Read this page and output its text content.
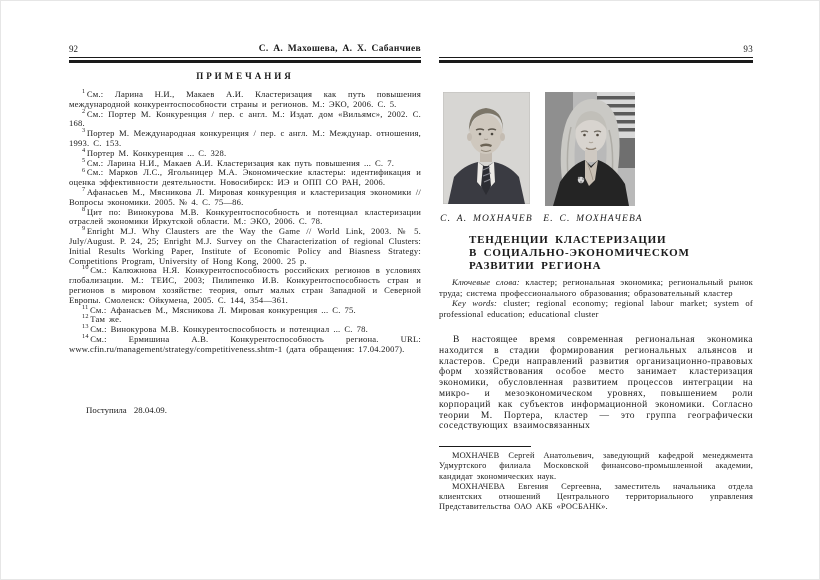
92	С. А. Махошева, А. Х. Сабанчиев
ПРИМЕЧАНИЯ

$^1$ См.: Ларина Н.И., Макаев А.И. Кластеризация как путь повышения международной конкурентоспособности страны и регионов. М.: ЭКО, 2006. С. 5.

$^2$ См.: Портер М. Конкуренция / пер. с англ. М.: Издат. дом «Вильямс», 2002. С. 168.

$^3$ Портер М. Международная конкуренция / пер. с англ. М.: Междунар. отношения, 1993. С. 153.

$^4$ Портер М. Конкуренция ... С. 328.

$^5$ См.: Ларина Н.И., Макаев А.И. Кластеризация как путь повышения ... С. 7.

$^6$ См.: Марков Л.С., Ягольницер М.А. Экономические кластеры: идентификация и оценка эффективности деятельности. Новосибирск: ИЭ и ОПП СО РАН, 2006.

$^7$ Афанасьев М., Мясникова Л. Мировая конкуренция и кластеризация экономики // Вопросы экономики. 2005. № 4. С. 75—86.

$^8$ Цит по: Винокурова М.В. Конкурентоспособность и потенциал кластеризации отраслей экономики Иркутской области. М.: ЭКО, 2006. С. 78.

$^9$ Enright M.J. Why Clausters are the Way the Game // World Link, 2003. № 5. July/August. P. 24, 25; Enright M.J. Survey on the Characterization of regional Clusters: Initial Results Working Paper, Institute of Economic Policy and Biasness Strategy: Competitions Program, University of Hong Kong, 2000. 25 p.

$^{10}$ См.: Калюжнова Н.Я. Конкурентоспособность российских регионов в условиях глобализации. М.: ТЕИС, 2003; Пилипенко И.В. Конкурентоспособность стран и регионов в мировом хозяйстве: теория, опыт малых стран Западной и Северной Европы. Смоленск: Ойкумена, 2005. С. 144, 354—361.

$^{11}$ См.: Афанасьев М., Мясникова Л. Мировая конкуренция ... С. 75.

$^{12}$ Там же.

$^{13}$ См.: Винокурова М.В. Конкурентоспособность и потенциал ... С. 78.

$^{14}$ См.: Ермишина А.В. Конкурентоспособность региона. URL: www.cfin.ru/management/strategy/competitiveness.shtm-1 (дата обращения: 17.04.2007).

Поступила 28.04.09.
93
С. А. МОХНАЧЕВ Е. С. МОХНАЧЕВА
ТЕНДЕНЦИИ КЛАСТЕРИЗАЦИИ
В СОЦИАЛЬНО-ЭКОНОМИЧЕСКОМ
РАЗВИТИИ РЕГИОНА

Ключевые слова: кластер; региональная экономика; региональный рынок труда; система профессионального образования; образовательный кластер

Key words: cluster; regional economy; regional labour market; system of professional education; educational cluster

В настоящее время современная региональная экономика находится в стадии формирования региональных альянсов и кластеров. Среди направлений развития организационно-правовых форм хозяйствования особое место занимает кластеризация экономики, обусловленная развитием процессов интеграции на микро- и мезоэкономическом уровнях, повышением роли корпораций как субъектов информационной экономики. Согласно теории М. Портера, кластер — это группа географически соседствующих взаимосвязанных

МОХНАЧЕВ Сергей Анатольевич, заведующий кафедрой менеджмента Удмуртского филиала Московской финансово-промышленной академии, кандидат экономических наук.

МОХНАЧЕВА Евгения Сергеевна, заместитель начальника отдела клиентских отношений Центрального территориального управления Представительства ОАО АКБ «РОСБАНК».
